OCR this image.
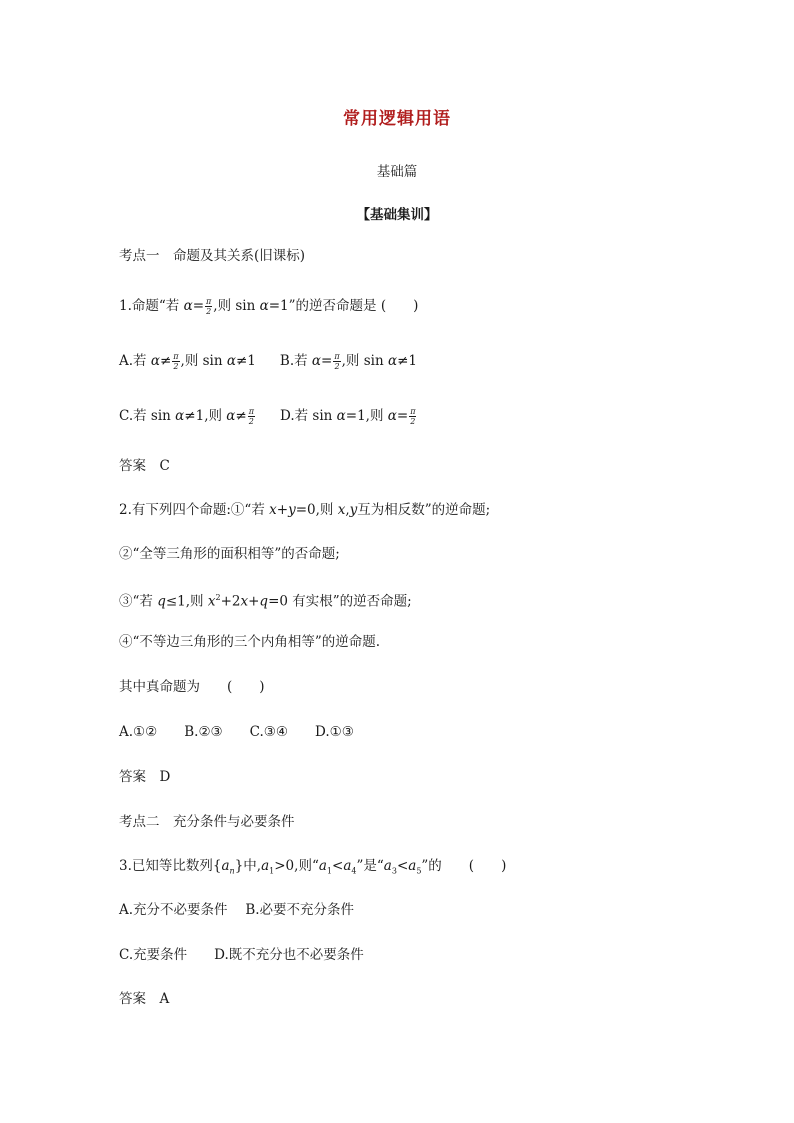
常用逻辑用语
基础篇
【基础集训】
考点一　命题及其关系(旧课标)
1.命题“若 $\alpha= \frac{\pi}{2}$ ,则 sin α=1”的逆否命题是 (　　)
A.若 $\alpha\ne \frac{\pi}{2}$ ,则 sin α≠1 B.若 $\alpha= \frac{\pi}{2}$ ,则 sin α≠1
C.若 sin α≠1,则 $\alpha\ne \frac{\pi}{2} D$.若 sin α=1,则 $\alpha= \frac{\pi}{2}$
答案　C
2.有下列四个命题:①“若 x+y=0,则 x,y互为相反数”的逆命题;
②“全等三角形的面积相等”的否命题;
③“若 q≤1,则 $x^2+2x+q=0$ 有实根”的逆否命题;
④“不等边三角形的三个内角相等”的逆命题.
其中真命题为　　(　　)
A.①②　　B.②③　　C.③④　　D.①③
答案　D
考点二　充分条件与必要条件
3.已知等比数列$\{a_n\}$中$,a_1>0$,则“$a_1<a_4$”是“$a_3<a_5$”的　　(　　)
A.充分不必要条件　 B.必要不充分条件
C.充要条件　　D.既不充分也不必要条件
答案　A
